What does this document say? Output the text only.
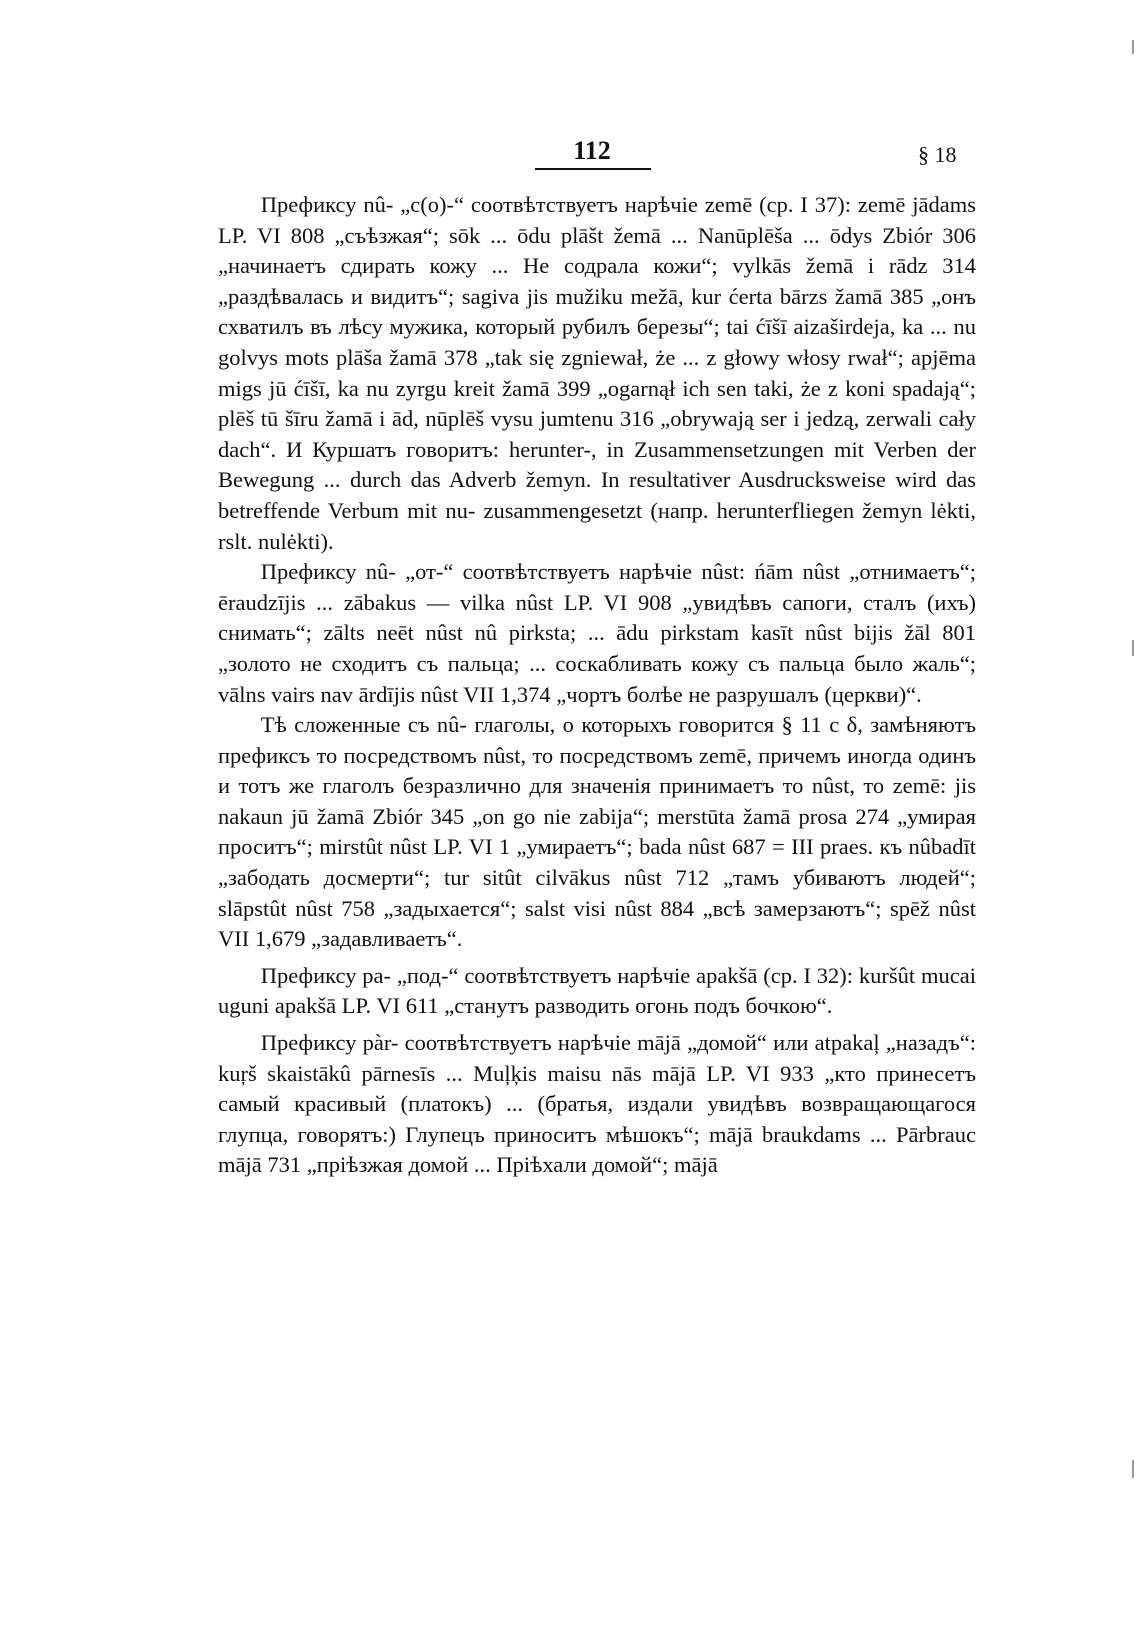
112	§ 18

Префиксу nû- „c(o)-“ соотвѣтствуетъ нарѣчіе zemē (ср. I 37): zemē jādams LP. VI 808 „съѣзжая“; sōk ... ōdu plāšt žemā ... Nanūplēša ... ōdys Zbiór 306 „начинаетъ сдирать кожу ... Не содрала кожи“; vylkās žemā i rādz 314 „раздѣвалась и видитъ“; sagiva jis mužiku mežā, kur ćerta bārzs žamā 385 „онъ схватилъ въ лѣсу мужика, который рубилъ березы“; tai ćīšī aizaširdeja, ka ... nu golvys mots plāša žamā 378 „tak się zgniewał, że ... z głowy włosy rwał“; apjēma migs jū ćīšī, ka nu zyrgu kreit žamā 399 „ogarnął ich sen taki, że z koni spadają“; plēš tū šīru žamā i ād, nūplēš vysu jumtenu 316 „obrywają ser i jedzą, zerwali cały dach“. И Куршатъ говоритъ: herunter-, in Zusammensetzungen mit Verben der Bewegung ... durch das Adverb žemyn. In resultativer Ausdrucksweise wird das betreffende Verbum mit nu- zusammengesetzt (напр. herunterfliegen žemyn lėkti, rslt. nulėkti).

Префиксу nû- „от-“ соотвѣтствуетъ нарѣчіе nûst: ńām nûst „отнимаетъ“; ēraudzījis ... zābakus — vilka nûst LP. VI 908 „увидѣвъ сапоги, сталъ (ихъ) снимать“; zālts neēt nûst nû pirksta; ... ādu pirkstam kasīt nûst bijis žāl 801 „золото не сходитъ съ пальца; ... соскабливать кожу съ пальца было жаль“; vālns vairs nav ārdījis nûst VII 1,374 „чортъ болѣе не разрушалъ (церкви)“.

Тѣ сложенные съ nû- глаголы, о которыхъ говорится § 11 c δ, замѣняютъ префиксъ то посредствомъ nûst, то посредствомъ zemē, причемъ иногда одинъ и тотъ же глаголъ безразлично для значенія принимаетъ то nûst, то zemē: jis nakaun jū žamā Zbiór 345 „on go nie zabija“; merstūta žamā prosa 274 „умирая проситъ“; mirstût nûst LP. VI 1 „умираетъ“; bada nûst 687 = III praes. къ nûbadīt „забодать досмерти“; tur sitût cilvākus nûst 712 „тамъ убиваютъ людей“; slāpstût nûst 758 „задыхается“; salst visi nûst 884 „всѣ замерзаютъ“; spēž nûst VII 1,679 „задавливаетъ“.

Префиксу pa- „под-“ соотвѣтствуетъ нарѣчіе apakšā (ср. I 32): kuršût mucai uguni apakšā LP. VI 611 „станутъ разводить огонь подъ бочкою“.

Префиксу pàr- соотвѣтствуетъ нарѣчіе mājā „домой“ или atpakaļ „назадъ“: kuŗš skaistākû pārnesīs ... Muļķis maisu nās mājā LP. VI 933 „кто принесетъ самый красивый (платокъ) ... (братья, издали увидѣвъ возвращающагося глупца, говорятъ:) Глупецъ приноситъ мѣшокъ“; mājā braukdams ... Pārbrauc mājā 731 „пріѣзжая домой ... Пріѣхали домой“; mājā
